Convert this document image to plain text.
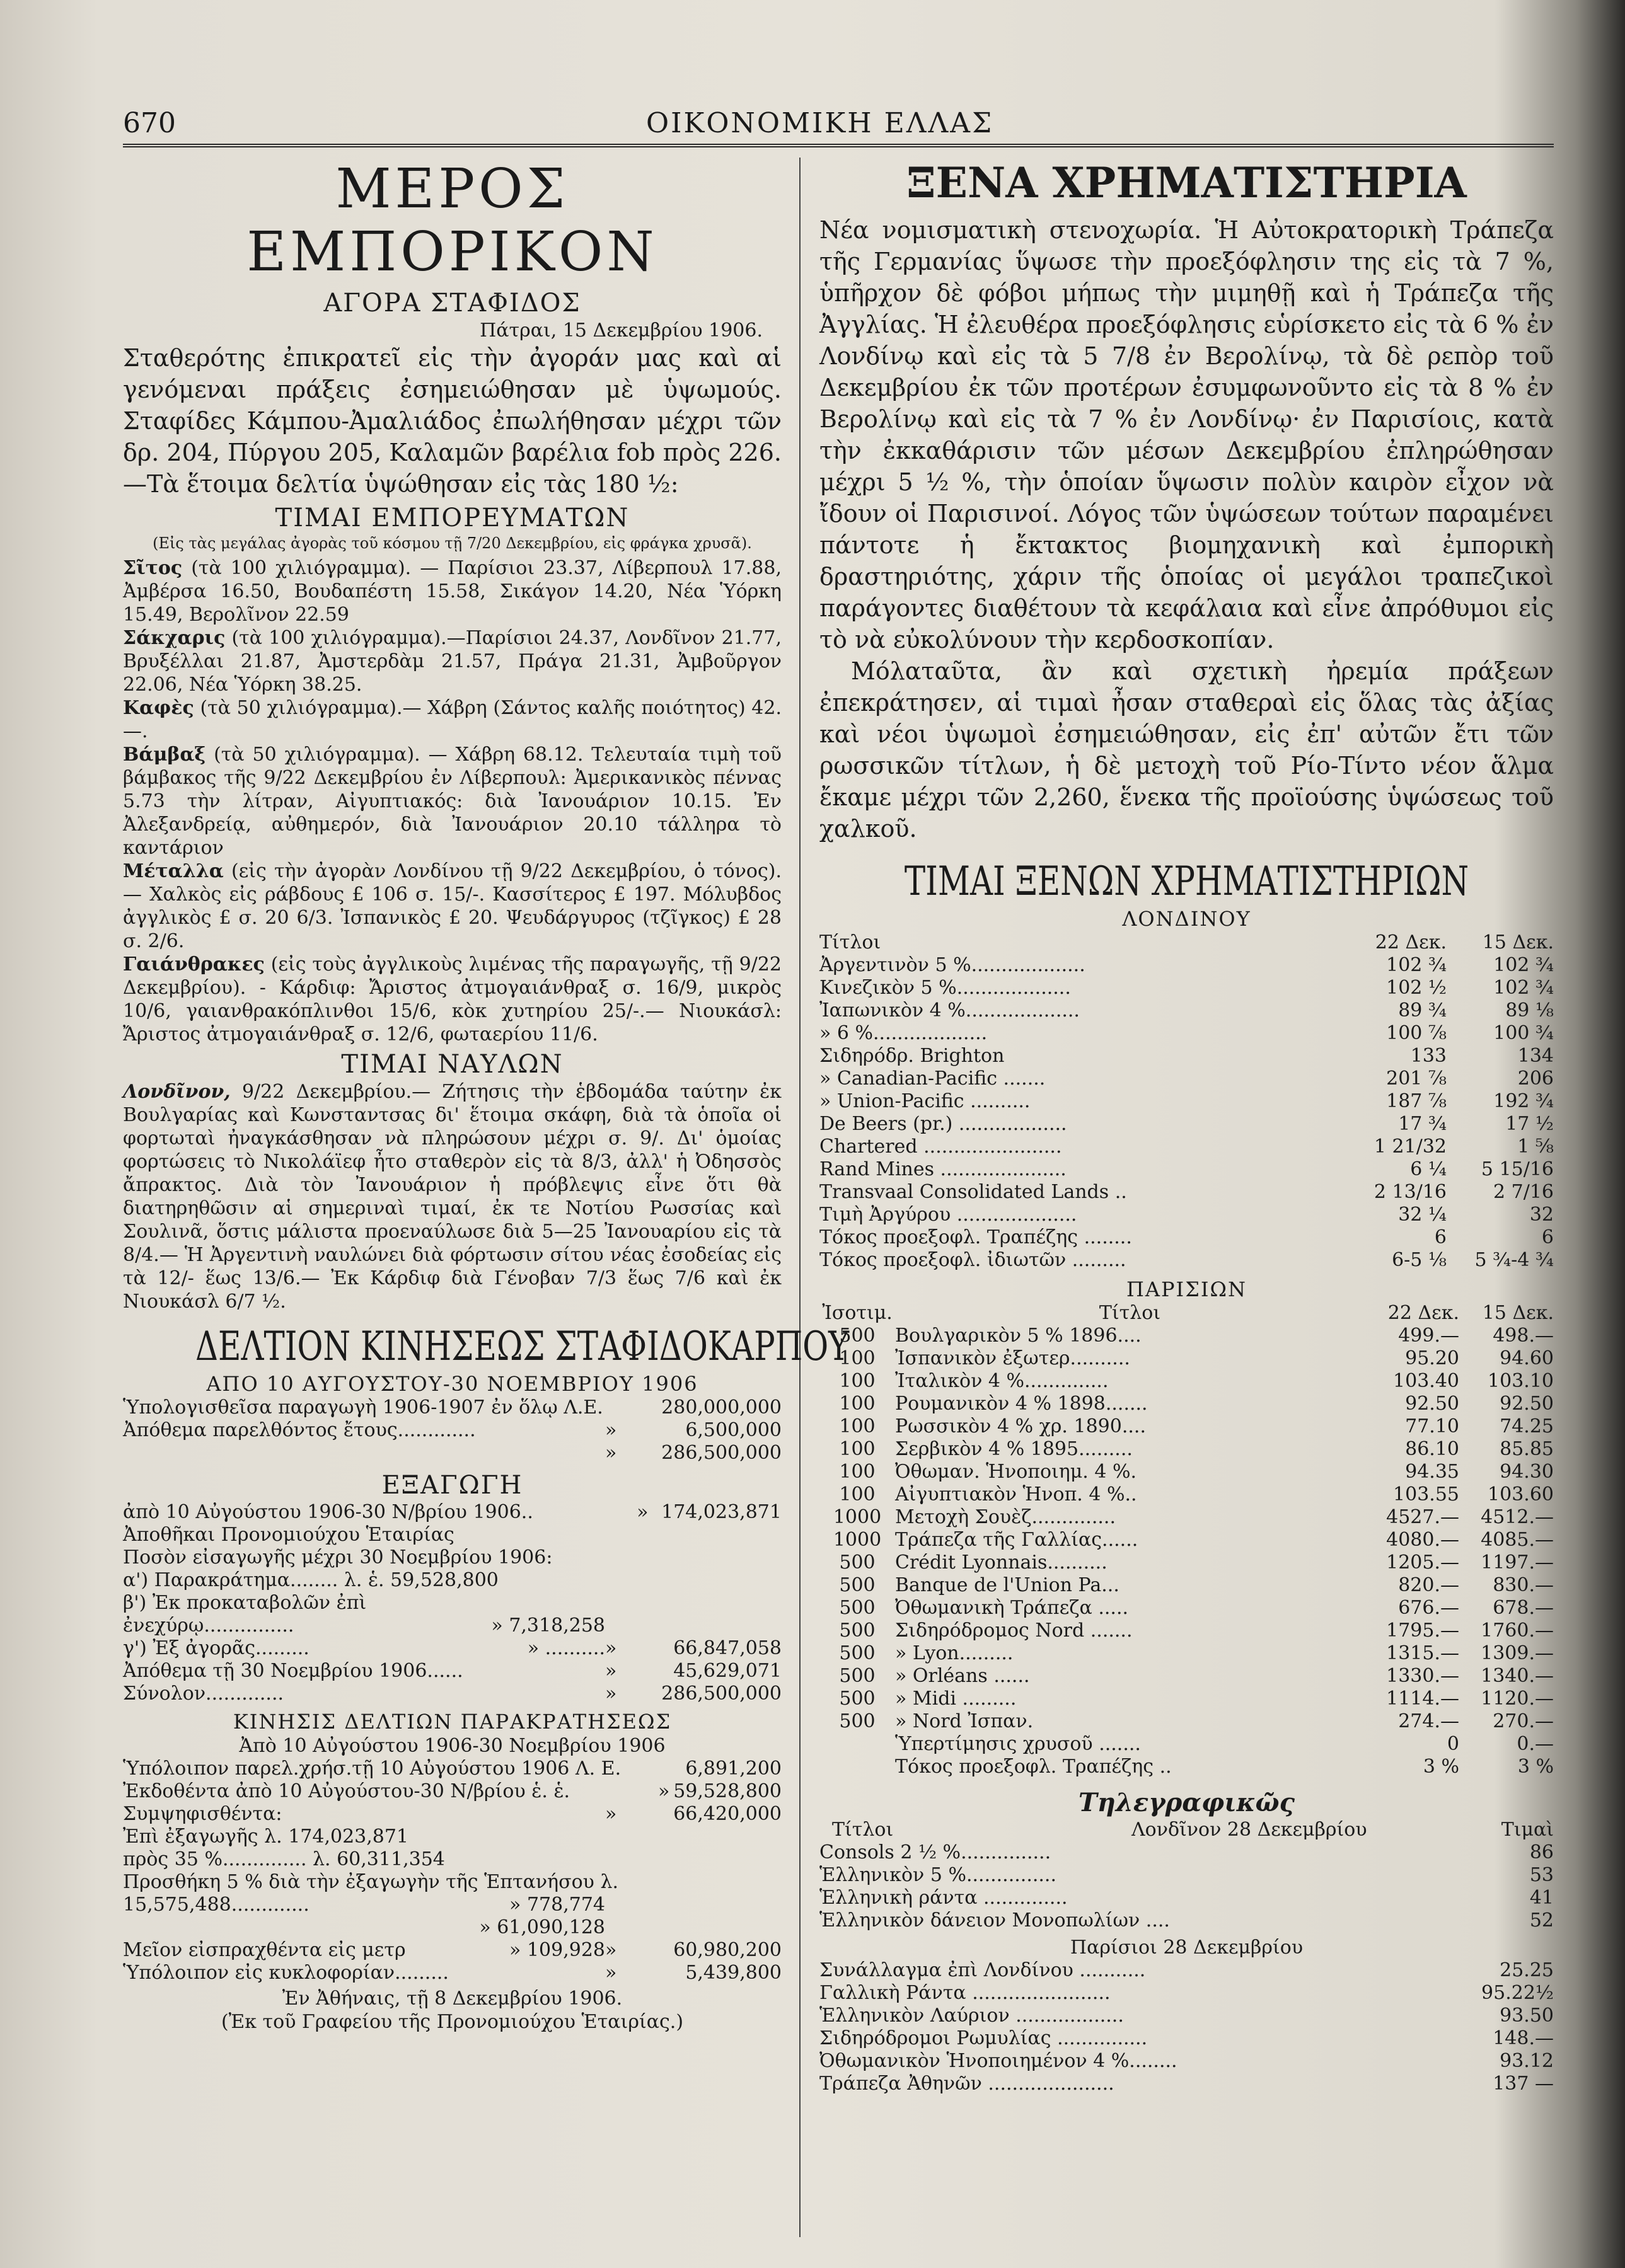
670	ΟΙΚΟΝΟΜΙΚΗ ΕΛΛΑΣ
ΜΕΡΟΣ ΕΜΠΟΡΙΚΟΝ
ΑΓΟΡΑ ΣΤΑΦΙΔΟΣ
Πάτραι, 15 Δεκεμβρίου 1906.
Σταθερότης ἐπικρατεῖ εἰς τὴν ἀγοράν μας καὶ αἱ γενόμεναι πράξεις ἐσημειώθησαν μὲ ὑψωμούς. Σταφίδες Κάμπου-Ἀμαλιάδος ἐπωλήθησαν μέχρι τῶν δρ. 204, Πύργου 205, Καλαμῶν βαρέλια fob πρὸς 226.—Τὰ ἕτοιμα δελτία ὑψώθησαν εἰς τὰς 180 ½:
ΤΙΜΑΙ ΕΜΠΟΡΕΥΜΑΤΩΝ
(Εἰς τὰς μεγάλας ἀγορὰς τοῦ κόσμου τῇ 7/20 Δεκεμβρίου, εἰς φράγκα χρυσᾶ).
Σῖτος (τὰ 100 χιλιόγραμμα). — Παρίσιοι 23.37, Λίβερπουλ 17.88, Ἀμβέρσα 16.50, Βουδαπέστη 15.58, Σικάγον 14.20, Νέα Ὑόρκη 15.49, Βερολῖνον 22.59
Σάκχαρις (τὰ 100 χιλιόγραμμα).—Παρίσιοι 24.37, Λονδῖνον 21.77, Βρυξέλλαι 21.87, Ἀμστερδὰμ 21.57, Πράγα 21.31, Ἀμβοῦργον 22.06, Νέα Ὑόρκη 38.25.
Καφὲς (τὰ 50 χιλιόγραμμα).— Χάβρη (Σάντος καλῆς ποιότητος) 42.—.
Βάμβαξ (τὰ 50 χιλιόγραμμα). — Χάβρη 68.12. Τελευταία τιμὴ τοῦ βάμβακος τῆς 9/22 Δεκεμβρίου ἐν Λίβερπουλ: Ἀμερικανικὸς πέννας 5.73 τὴν λίτραν, Αἰγυπτιακός: διὰ Ἰανουάριον 10.15. Ἐν Ἀλεξανδρείᾳ, αὐθημερόν, διὰ Ἰανουάριον 20.10 τάλληρα τὸ καντάριον
Μέταλλα (εἰς τὴν ἀγορὰν Λονδίνου τῇ 9/22 Δεκεμβρίου, ὁ τόνος).— Χαλκὸς εἰς ράβδους £ 106 σ. 15/-. Κασσίτερος £ 197. Μόλυβδος ἀγγλικὸς £ σ. 20 6/3. Ἰσπανικὸς £ 20. Ψευδάργυρος (τζῖγκος) £ 28 σ. 2/6.
Γαιάνθρακες (εἰς τοὺς ἀγγλικοὺς λιμένας τῆς παραγωγῆς, τῇ 9/22 Δεκεμβρίου). - Κάρδιφ: Ἄριστος ἀτμογαιάνθραξ σ. 16/9, μικρὸς 10/6, γαιανθρακόπλινθοι 15/6, κὸκ χυτηρίου 25/-.— Νιουκάσλ: Ἄριστος ἀτμογαιάνθραξ σ. 12/6, φωταερίου 11/6.
ΤΙΜΑΙ ΝΑΥΛΩΝ
Λονδῖνον, 9/22 Δεκεμβρίου.— Ζήτησις τὴν ἑβδομάδα ταύτην ἐκ Βουλγαρίας καὶ Κωνσταντσας δι' ἕτοιμα σκάφη, διὰ τὰ ὁποῖα οἱ φορτωταὶ ἠναγκάσθησαν νὰ πληρώσουν μέχρι σ. 9/. Δι' ὁμοίας φορτώσεις τὸ Νικολάϊεφ ἦτο σταθερὸν εἰς τὰ 8/3, ἀλλ' ἡ Ὀδησσὸς ἄπρακτος. Διὰ τὸν Ἰανουάριον ἡ πρόβλεψις εἶνε ὅτι θὰ διατηρηθῶσιν αἱ σημεριναὶ τιμαί, ἐκ τε Νοτίου Ρωσσίας καὶ Σουλινᾶ, ὅστις μάλιστα προεναύλωσε διὰ 5—25 Ἰανουαρίου εἰς τὰ 8/4.— Ἡ Ἀργεντινὴ ναυλώνει διὰ φόρτωσιν σίτου νέας ἐσοδείας εἰς τὰ 12/- ἕως 13/6.— Ἐκ Κάρδιφ διὰ Γένοβαν 7/3 ἕως 7/6 καὶ ἐκ Νιουκάσλ 6/7 ½.
ΔΕΛΤΙΟΝ ΚΙΝΗΣΕΩΣ ΣΤΑΦΙΔΟΚΑΡΠΟΥ
ΑΠΟ 10 ΑΥΓΟΥΣΤΟΥ-30 ΝΟΕΜΒΡΙΟΥ 1906
Ὑπολογισθεῖσα παραγωγὴ 1906-1907 ἐν ὅλῳ Λ.Ε.	280,000,000
Ἀπόθεμα παρελθόντος ἔτους.............	»	6,500,000
»	286,500,000
ΕΞΑΓΩΓΗ
ἀπὸ 10 Αὐγούστου 1906-30 Ν/βρίου 1906..	» 174,023,871
Ἀποθῆκαι Προνομιούχου Ἑταιρίας
Ποσὸν εἰσαγωγῆς μέχρι 30 Νοεμβρίου 1906:
α') Παρακράτημα........ λ. ἑ. 59,528,800
β') Ἐκ προκαταβολῶν ἐπὶ
ἐνεχύρῳ...............	» 7,318,258
γ') Ἐξ ἀγορᾶς.........	» .......... »	66,847,058
Ἀπόθεμα τῇ 30 Νοεμβρίου 1906......	»	45,629,071
Σύνολον.............	»	286,500,000
ΚΙΝΗΣΙΣ ΔΕΛΤΙΩΝ ΠΑΡΑΚΡΑΤΗΣΕΩΣ
Ἀπὸ 10 Αὐγούστου 1906-30 Νοεμβρίου 1906
Ὑπόλοιπον παρελ.χρήσ.τῇ 10 Αὐγούστου 1906 Λ. Ε.	6,891,200
Ἐκδοθέντα ἀπὸ 10 Αὐγούστου-30 Ν/βρίου ἑ. ἑ.	» 59,528,800
Συμψηφισθέντα:	»	66,420,000
Ἐπὶ ἐξαγωγῆς λ. 174,023,871
πρὸς 35 %.............. λ. 60,311,354
Προσθήκη 5 % διὰ τὴν ἐξαγωγὴν τῆς Ἑπτανήσου λ.
15,575,488.............	» 778,774
» 61,090,128
Μεῖον εἰσπραχθέντα εἰς μετρ	» 109,928 »	60,980,200
Ὑπόλοιπον εἰς κυκλοφορίαν.........	»	5,439,800
Ἐν Ἀθήναις, τῇ 8 Δεκεμβρίου 1906.
(Ἐκ τοῦ Γραφείου τῆς Προνομιούχου Ἑταιρίας.)
ΞΕΝΑ ΧΡΗΜΑΤΙΣΤΗΡΙΑ
Νέα νομισματικὴ στενοχωρία. Ἡ Αὐτοκρατορικὴ Τράπεζα τῆς Γερμανίας ὕψωσε τὴν προεξόφλησιν της εἰς τὰ 7 %, ὑπῆρχον δὲ φόβοι μήπως τὴν μιμηθῇ καὶ ἡ Τράπεζα τῆς Ἀγγλίας. Ἡ ἐλευθέρα προεξόφλησις εὑρίσκετο εἰς τὰ 6 % ἐν Λονδίνῳ καὶ εἰς τὰ 5 7/8 ἐν Βερολίνῳ, τὰ δὲ ρεπὸρ τοῦ Δεκεμβρίου ἐκ τῶν προτέρων ἐσυμφωνοῦντο εἰς τὰ 8 % ἐν Βερολίνῳ καὶ εἰς τὰ 7 % ἐν Λονδίνῳ· ἐν Παρισίοις, κατὰ τὴν ἐκκαθάρισιν τῶν μέσων Δεκεμβρίου ἐπληρώθησαν μέχρι 5 ½ %, τὴν ὁποίαν ὕψωσιν πολὺν καιρὸν εἶχον νὰ ἴδουν οἱ Παρισινοί. Λόγος τῶν ὑψώσεων τούτων παραμένει πάντοτε ἡ ἔκτακτος βιομηχανικὴ καὶ ἐμπορικὴ δραστηριότης, χάριν τῆς ὁποίας οἱ μεγάλοι τραπεζικοὶ παράγοντες διαθέτουν τὰ κεφάλαια καὶ εἶνε ἀπρόθυμοι εἰς τὸ νὰ εὐκολύνουν τὴν κερδοσκοπίαν.
Μόλαταῦτα, ἂν καὶ σχετικὴ ἠρεμία πράξεων ἐπεκράτησεν, αἱ τιμαὶ ἦσαν σταθεραὶ εἰς ὅλας τὰς ἀξίας καὶ νέοι ὑψωμοὶ ἐσημειώθησαν, εἰς ἐπ' αὐτῶν ἔτι τῶν ρωσσικῶν τίτλων, ἡ δὲ μετοχὴ τοῦ Ρίο-Τίντο νέον ἅλμα ἔκαμε μέχρι τῶν 2,260, ἕνεκα τῆς προϊούσης ὑψώσεως τοῦ χαλκοῦ.
ΤΙΜΑΙ ΞΕΝΩΝ ΧΡΗΜΑΤΙΣΤΗΡΙΩΝ
ΛΟΝΔΙΝΟΥ
Τίτλοι	22 Δεκ.	15 Δεκ.
Ἀργεντινὸν 5 %...................	102 ¾	102 ¾
Κινεζικὸν 5 %...................	102 ½	102 ¾
Ἰαπωνικὸν 4 %...................	89 ¾	89 ⅛
» 6 %...................	100 ⅞	100 ¾
Σιδηρόδρ. Brighton	133	134
» Canadian-Pacific .......	201 ⅞	206
» Union-Pacific ..........	187 ⅞	192 ¾
De Beers (pr.) ..................	17 ¾	17 ½
Chartered .......................	1 21/32	1 ⅝
Rand Mines .....................	6 ¼	5 15/16
Transvaal Consolidated Lands ..	2 13/16	2 7/16
Τιμὴ Ἀργύρου ....................	32 ¼	32
Τόκος προεξοφλ. Τραπέζης ........	6	6
Τόκος προεξοφλ. ἰδιωτῶν .........	6-5 ⅛	5 ¾-4 ¾
ΠΑΡΙΣΙΩΝ
Ἰσοτιμ.	Τίτλοι	22 Δεκ.	15 Δεκ.
500	Βουλγαρικὸν 5 % 1896....	499.—	498.—
100	Ἰσπανικὸν ἐξωτερ..........	95.20	94.60
100	Ἰταλικὸν 4 %..............	103.40	103.10
100	Ρουμανικὸν 4 % 1898.......	92.50	92.50
100	Ρωσσικὸν 4 % χρ. 1890....	77.10	74.25
100	Σερβικὸν 4 % 1895.........	86.10	85.85
100	Ὀθωμαν. Ἡνοποιημ. 4 %.	94.35	94.30
100	Αἰγυπτιακὸν Ἡνοπ. 4 %..	103.55	103.60
1000 Μετοχὴ Σουὲζ..............	4527.—	4512.—
1000 Τράπεζα τῆς Γαλλίας......	4080.—	4085.—
500	Crédit Lyonnais..........	1205.—	1197.—
500	Banque de l'Union Pa...	820.—	830.—
500	Ὀθωμανικὴ Τράπεζα .....	676.—	678.—
500	Σιδηρόδρομος Nord .......	1795.—	1760.—
500	» Lyon.........	1315.—	1309.—
500	» Orléans ......	1330.—	1340.—
500	» Midi .........	1114.—	1120.—
500	» Nord Ἰσπαν.	274.—	270.—
Ὑπερτίμησις χρυσοῦ .......	0	0.—
Τόκος προεξοφλ. Τραπέζης ..	3 %	3 %
Τηλεγραφικῶς
Τίτλοι	Λονδῖνον 28 Δεκεμβρίου	Τιμαὶ
Consols 2 ½ %...............	86
Ἑλληνικὸν 5 %...............	53
Ἑλληνικὴ ράντα ..............	41
Ἑλληνικὸν δάνειον Μονοπωλίων ....	52
Παρίσιοι 28 Δεκεμβρίου
Συνάλλαγμα ἐπὶ Λονδίνου ...........	25.25
Γαλλικὴ Ράντα .......................	95.22½
Ἑλληνικὸν Λαύριον ..................	93.50
Σιδηρόδρομοι Ρωμυλίας ...............	148.—
Ὀθωμανικὸν Ἡνοποιημένον 4 %........	93.12
Τράπεζα Ἀθηνῶν .....................	137 —
